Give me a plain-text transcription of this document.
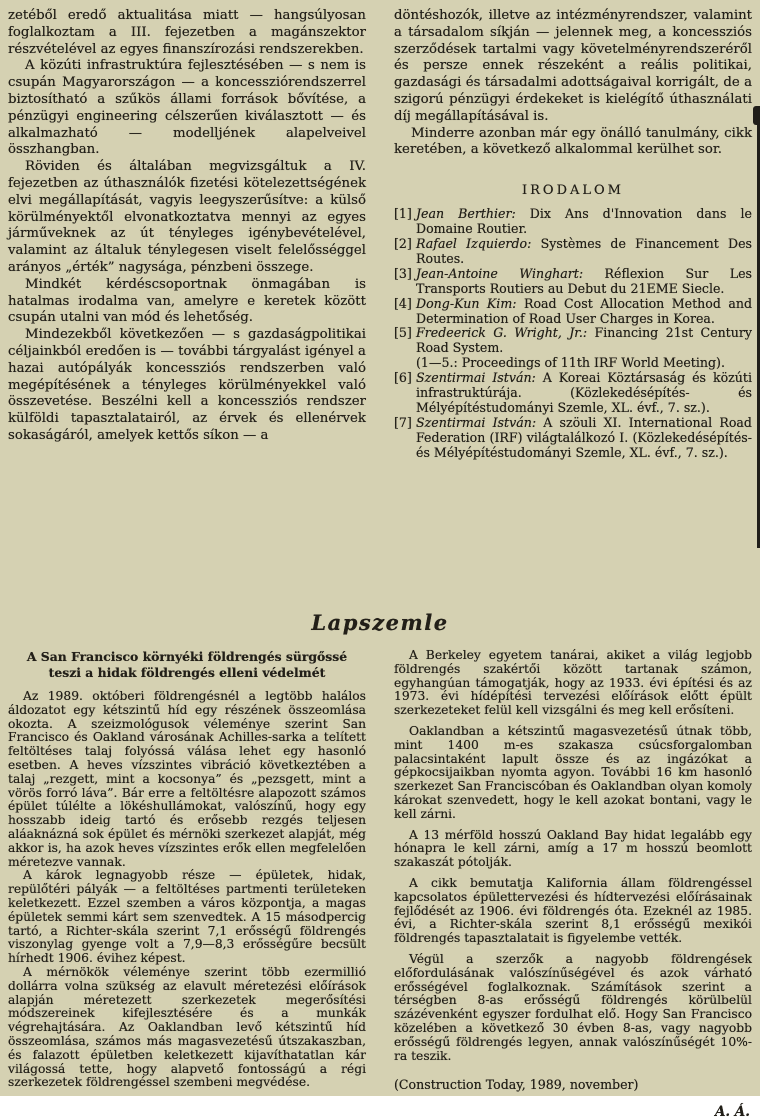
zetéből eredő aktualitása miatt — hangsúlyosan foglalkoztam a III. fejezetben a magánszektor részvételével az egyes finanszírozási rendszerekben.

A közúti infrastruktúra fejlesztésében — s nem is csupán Magyarországon — a koncessziórendszerrel biztosítható a szűkös állami források bővítése, a pénzügyi engineering célszerűen kiválasztott — és alkalmazható — modelljének alapelveivel összhangban.

Röviden és általában megvizsgáltuk a IV. fejezetben az úthasználók fizetési kötelezettségének elvi megállapítását, vagyis leegyszerűsítve: a külső körülményektől elvonatkoztatva mennyi az egyes járműveknek az út tényleges igénybevételével, valamint az általuk ténylegesen viselt felelősséggel arányos „érték” nagysága, pénzbeni összege.

Mindkét kérdéscsoportnak önmagában is hatalmas irodalma van, amelyre e keretek között csupán utalni van mód és lehetőség.

Mindezekből következően — s gazdaságpolitikai céljainkból eredően is — további tárgyalást igényel a hazai autópályák koncessziós rendszerben való megépítésének a tényleges körülményekkel való összevetése. Beszélni kell a koncessziós rendszer külföldi tapasztalatairól, az érvek és ellenérvek sokaságáról, amelyek kettős síkon — a

döntéshozók, illetve az intézményrendszer, valamint a társadalom síkján — jelennek meg, a koncessziós szerződések tartalmi vagy követelményrendszeréről és persze ennek részeként a reális politikai, gazdasági és társadalmi adottságaival korrigált, de a szigorú pénzügyi érdekeket is kielégítő úthasználati díj megállapításával is.

Minderre azonban már egy önálló tanulmány, cikk keretében, a következő alkalommal kerülhet sor.

IRODALOM
[1] Jean Berthier: Dix Ans d'Innovation dans le Domaine Routier.
[2] Rafael Izquierdo: Systèmes de Financement Des Routes.
[3] Jean-Antoine Winghart: Réflexion Sur Les Transports Routiers au Debut du 21EME Siecle.
[4] Dong-Kun Kim: Road Cost Allocation Method and Determination of Road User Charges in Korea.
[5] Fredeerick G. Wright, Jr.: Financing 21st Century Road System.
(1—5.: Proceedings of 11th IRF World Meeting).
[6] Szentirmai István: A Koreai Köztársaság és közúti infrastruktúrája. (Közlekedésépítés- és Mélyépítéstudományi Szemle, XL. évf., 7. sz.).
[7] Szentirmai István: A szöuli XI. International Road Federation (IRF) világtalálkozó I. (Közlekedésépítés- és Mélyépítéstudományi Szemle, XL. évf., 7. sz.).
Lapszemle
A San Francisco környéki földrengés sürgőssé teszi a hidak földrengés elleni védelmét

Az 1989. októberi földrengésnél a legtöbb halálos áldozatot egy kétszintű híd egy részének összeomlása okozta. A szeizmológusok véleménye szerint San Francisco és Oakland városának Achilles-sarka a telített feltöltéses talaj folyóssá válása lehet egy hasonló esetben. A heves vízszintes vibráció következtében a talaj „rezgett, mint a kocsonya” és „pezsgett, mint a vörös forró láva”. Bár erre a feltöltésre alapozott számos épület túlélte a lökéshullámokat, valószínű, hogy egy hosszabb ideig tartó és erősebb rezgés teljesen aláaknázná sok épület és mérnöki szerkezet alapját, még akkor is, ha azok heves vízszintes erők ellen megfelelően méretezve vannak.

A károk legnagyobb része — épületek, hidak, repülőtéri pályák — a feltöltéses partmenti területeken keletkezett. Ezzel szemben a város központja, a magas épületek semmi kárt sem szenvedtek. A 15 másodpercig tartó, a Richter-skála szerint 7,1 erősségű földrengés viszonylag gyenge volt a 7,9—8,3 erősségűre becsült hírhedt 1906. évihez képest.

A mérnökök véleménye szerint több ezermillió dollárra volna szükség az elavult méretezési előírások alapján méretezett szerkezetek megerősítési módszereinek kifejlesztésére és a munkák végrehajtására. Az Oaklandban levő kétszintű híd összeomlása, számos más magasvezetésű útszakaszban, és falazott épületben keletkezett kijavíthatatlan kár világossá tette, hogy alapvető fontosságú a régi szerkezetek földrengéssel szembeni megvédése.

A Berkeley egyetem tanárai, akiket a világ legjobb földrengés szakértői között tartanak számon, egyhangúan támogatják, hogy az 1933. évi építési és az 1973. évi hídépítési tervezési előírások előtt épült szerkezeteket felül kell vizsgálni és meg kell erősíteni.

Oaklandban a kétszintű magasvezetésű útnak több, mint 1400 m-es szakasza csúcsforgalomban palacsintaként lapult össze és az ingázókat a gépkocsijaikban nyomta agyon. További 16 km hasonló szerkezet San Franciscóban és Oaklandban olyan komoly károkat szenvedett, hogy le kell azokat bontani, vagy le kell zárni.

A 13 mérföld hosszú Oakland Bay hidat legalább egy hónapra le kell zárni, amíg a 17 m hosszú beomlott szakaszát pótolják.

A cikk bemutatja Kalifornia állam földrengéssel kapcsolatos épülettervezési és hídtervezési előírásainak fejlődését az 1906. évi földrengés óta. Ezeknél az 1985. évi, a Richter-skála szerint 8,1 erősségű mexikói földrengés tapasztalatait is figyelembe vették.

Végül a szerzők a nagyobb földrengések előfordulásának valószínűségével és azok várható erősségével foglalkoznak. Számítások szerint a térségben 8-as erősségű földrengés körülbelül százévenként egyszer fordulhat elő. Hogy San Francisco közelében a következő 30 évben 8-as, vagy nagyobb erősségű földrengés legyen, annak valószínűségét 10%-ra teszik.

(Construction Today, 1989, november)

A. Á.
